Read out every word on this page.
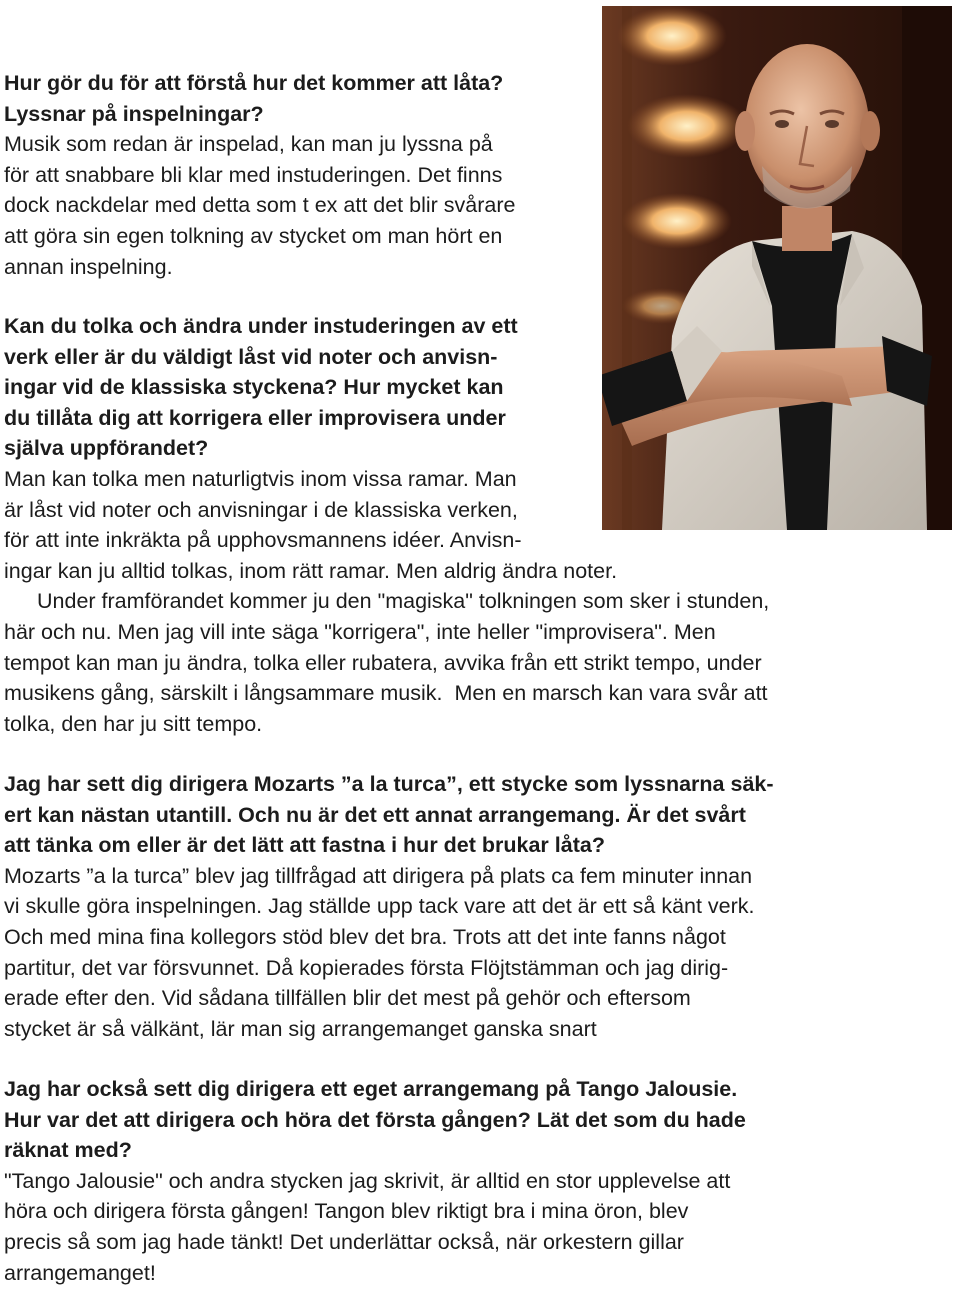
Hur gör du för att förstå hur det kommer att låta?
Lyssnar på inspelningar?
Musik som redan är inspelad, kan man ju lyssna på
för att snabbare bli klar med instuderingen. Det finns
dock nackdelar med detta som t ex att det blir svårare
att göra sin egen tolkning av stycket om man hört en
annan inspelning.
Kan du tolka och ändra under instuderingen av ett
verk eller är du väldigt låst vid noter och anvisn-
ingar vid de klassiska styckena? Hur mycket kan
du tillåta dig att korrigera eller improvisera under
själva uppförandet?
Man kan tolka men naturligtvis inom vissa ramar. Man
är låst vid noter och anvisningar i de klassiska verken,
för att inte inkräkta på upphovsmannens idéer. Anvisn-
ingar kan ju alltid tolkas, inom rätt ramar. Men aldrig ändra noter.
Under framförandet kommer ju den "magiska" tolkningen som sker i stunden,
här och nu. Men jag vill inte säga "korrigera", inte heller "improvisera". Men
tempot kan man ju ändra, tolka eller rubatera, avvika från ett strikt tempo, under
musikens gång, särskilt i långsammare musik.  Men en marsch kan vara svår att
tolka, den har ju sitt tempo.
Jag har sett dig dirigera Mozarts ”a la turca”, ett stycke som lyssnarna säk-
ert kan nästan utantill. Och nu är det ett annat arrangemang. Är det svårt
att tänka om eller är det lätt att fastna i hur det brukar låta?
Mozarts ”a la turca” blev jag tillfrågad att dirigera på plats ca fem minuter innan
vi skulle göra inspelningen. Jag ställde upp tack vare att det är ett så känt verk.
Och med mina fina kollegors stöd blev det bra. Trots att det inte fanns något
partitur, det var försvunnet. Då kopierades första Flöjtstämman och jag dirig-
erade efter den. Vid sådana tillfällen blir det mest på gehör och eftersom
stycket är så välkänt, lär man sig arrangemanget ganska snart
Jag har också sett dig dirigera ett eget arrangemang på Tango Jalousie.
Hur var det att dirigera och höra det första gången? Lät det som du hade
räknat med?
"Tango Jalousie" och andra stycken jag skrivit, är alltid en stor upplevelse att
höra och dirigera första gången! Tangon blev riktigt bra i mina öron, blev
precis så som jag hade tänkt! Det underlättar också, när orkestern gillar
arrangemanget!
